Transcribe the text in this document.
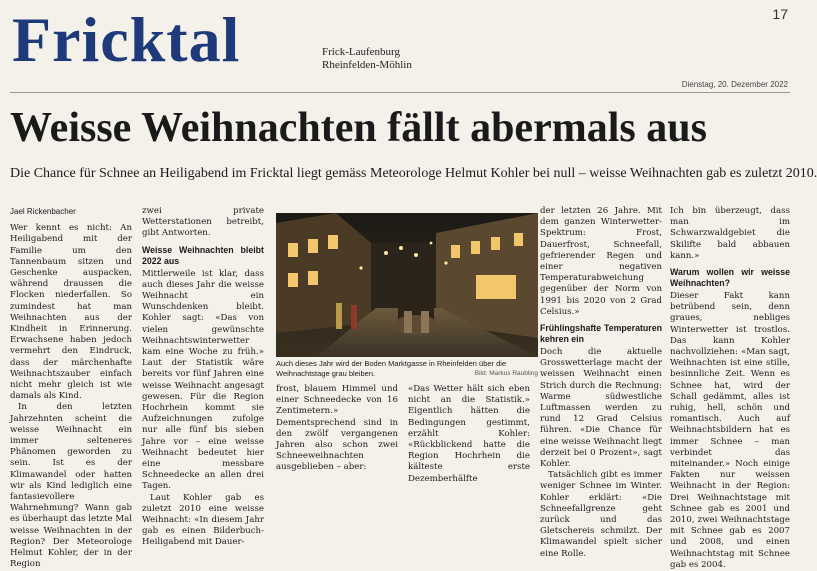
Fricktal	Frick-Laufenburg
Rheinfelden-Möhlin
17
Dienstag, 20. Dezember 2022
Weisse Weihnachten fällt abermals aus
Die Chance für Schnee an Heiligabend im Fricktal liegt gemäss Meteorologe Helmut Kohler bei null – weisse Weihnachten gab es zuletzt 2010.
Jael Rickenbacher

Wer kennt es nicht: An Heiligabend mit der Familie um den Tannenbaum sitzen und Geschenke auspacken, während draussen die Flocken niederfallen. So zumindest hat man Weihnachten aus der Kindheit in Erinnerung. Erwachsene haben jedoch vermehrt den Eindruck, dass der märchenhafte Weihnachtszauber einfach nicht mehr gleich ist wie damals als Kind.

In den letzten Jahrzehnten scheint die weisse Weihnacht ein immer selteneres Phänomen geworden zu sein. Ist es der Klimawandel oder hatten wir als Kind lediglich eine fantasievollere Wahrnehmung? Wann gab es überhaupt das letzte Mal weisse Weihnachten in der Region? Der Meteorologe Helmut Kohler, der in der Region

zwei private Wetterstationen betreibt, gibt Antworten.

Weisse Weihnachten bleibt 2022 aus

Mittlerweile ist klar, dass auch dieses Jahr die weisse Weihnacht ein Wunschdenken bleibt. Kohler sagt: «Das von vielen gewünschte Weihnachtswinterwetter kam eine Woche zu früh.» Laut der Statistik wäre bereits vor fünf Jahren eine weisse Weihnacht angesagt gewesen. Für die Region Hochrhein kommt sie Aufzeichnungen zufolge nur alle fünf bis sieben Jahre vor – eine weisse Weihnacht bedeutet hier eine messbare Schneedecke an allen drei Tagen.

Laut Kohler gab es zuletzt 2010 eine weisse Weihnacht: «In diesem Jahr gab es einen Bilderbuch-Heiligabend mit Dauer-

Auch dieses Jahr wird der Boden Marktgasse in Rheinfelden über die Weihnachtstage grau bleiben.	Bild: Markus Raubling

frost, blauem Himmel und einer Schneedecke von 16 Zentimetern.» Dementsprechend sind in den zwölf vergangenen Jahren also schon zwei Schneeweihnachten ausgeblieben – aber:

«Das Wetter hält sich eben nicht an die Statistik.» Eigentlich hätten die Bedingungen gestimmt, erzählt Kohler: «Rückblickend hatte die Region Hochrhein die kälteste erste Dezemberhälfte

der letzten 26 Jahre. Mit dem ganzen Winterwetter-Spektrum: Frost, Dauerfrost, Schneefall, gefrierender Regen und einer negativen Temperaturabweichung gegenüber der Norm von 1991 bis 2020 von 2 Grad Celsius.»

Frühlingshafte Temperaturen kehren ein

Doch die aktuelle Grosswetterlage macht der weissen Weihnacht einen Strich durch die Rechnung: Warme südwestliche Luftmassen werden zu rund 12 Grad Celsius führen. «Die Chance für eine weisse Weihnacht liegt derzeit bei 0 Prozent», sagt Kohler.

Tatsächlich gibt es immer weniger Schnee im Winter. Kohler erklärt: «Die Schneefallgrenze geht zurück und das Gletschereis schmilzt. Der Klimawandel spielt sicher eine Rolle.

Ich bin überzeugt, dass man im Schwarzwaldgebiet die Skilifte bald abbauen kann.»

Warum wollen wir weisse Weihnachten?

Dieser Fakt kann betrübend sein, denn graues, nebliges Winterwetter ist trostlos. Das kann Kohler nachvollziehen: «Man sagt, Weihnachten ist eine stille, besinnliche Zeit. Wenn es Schnee hat, wird der Schall gedämmt, alles ist ruhig, hell, schön und romantisch. Auch auf Weihnachtsbildern hat es immer Schnee – man verbindet das miteinander.» Noch einige Fakten nur weissen Weihnacht in der Region: Drei Weihnachtstage mit Schnee gab es 2001 und 2010, zwei Weihnachtstage mit Schnee gab es 2007 und 2008, und einen Weihnachtstag mit Schnee gab es 2004.
